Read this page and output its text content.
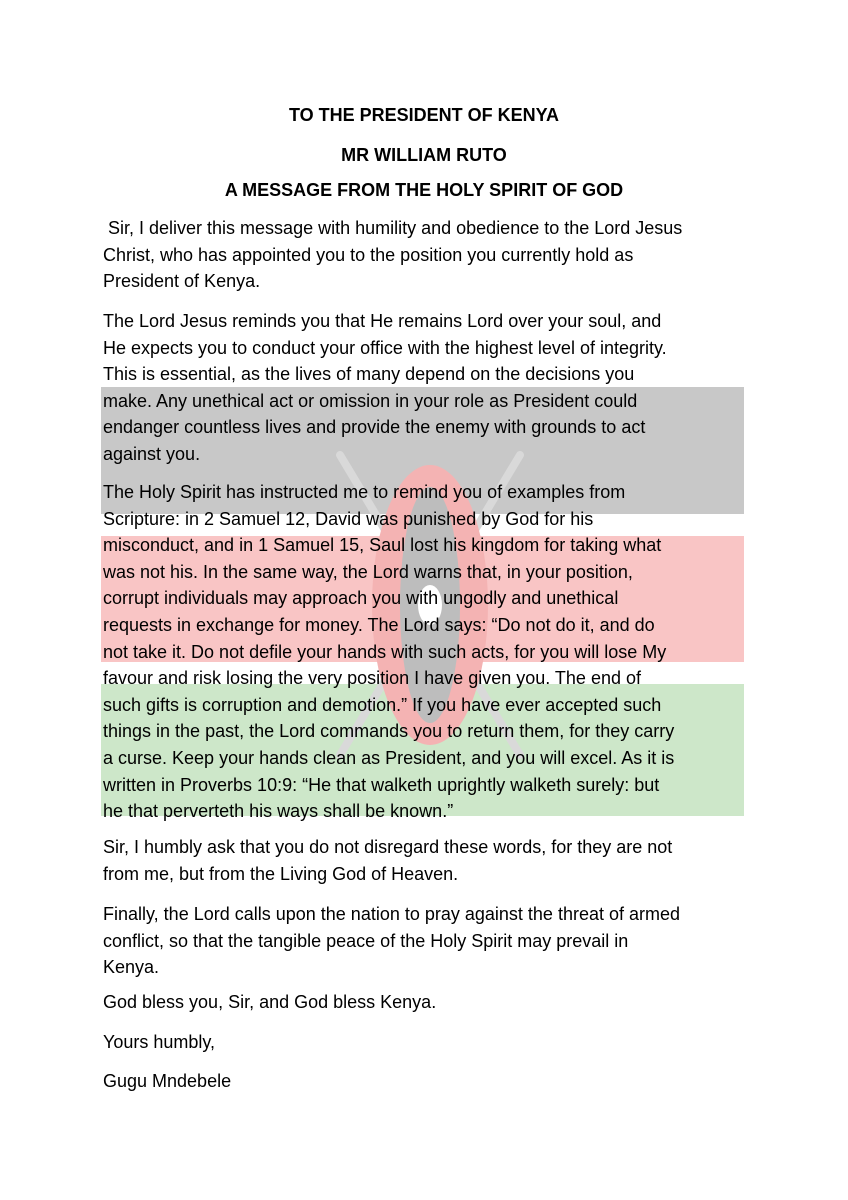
TO THE PRESIDENT OF KENYA
MR WILLIAM RUTO
A MESSAGE FROM THE HOLY SPIRIT OF GOD
Sir, I deliver this message with humility and obedience to the Lord Jesus
Christ, who has appointed you to the position you currently hold as
President of Kenya.
The Lord Jesus reminds you that He remains Lord over your soul, and
He expects you to conduct your office with the highest level of integrity.
This is essential, as the lives of many depend on the decisions you
make. Any unethical act or omission in your role as President could
endanger countless lives and provide the enemy with grounds to act
against you.
The Holy Spirit has instructed me to remind you of examples from
Scripture: in 2 Samuel 12, David was punished by God for his
misconduct, and in 1 Samuel 15, Saul lost his kingdom for taking what
was not his. In the same way, the Lord warns that, in your position,
corrupt individuals may approach you with ungodly and unethical
requests in exchange for money. The Lord says: “Do not do it, and do
not take it. Do not defile your hands with such acts, for you will lose My
favour and risk losing the very position I have given you. The end of
such gifts is corruption and demotion.” If you have ever accepted such
things in the past, the Lord commands you to return them, for they carry
a curse. Keep your hands clean as President, and you will excel. As it is
written in Proverbs 10:9: “He that walketh uprightly walketh surely: but
he that perverteth his ways shall be known.”
Sir, I humbly ask that you do not disregard these words, for they are not
from me, but from the Living God of Heaven.
Finally, the Lord calls upon the nation to pray against the threat of armed
conflict, so that the tangible peace of the Holy Spirit may prevail in
Kenya.
God bless you, Sir, and God bless Kenya.
Yours humbly,
Gugu Mndebele
